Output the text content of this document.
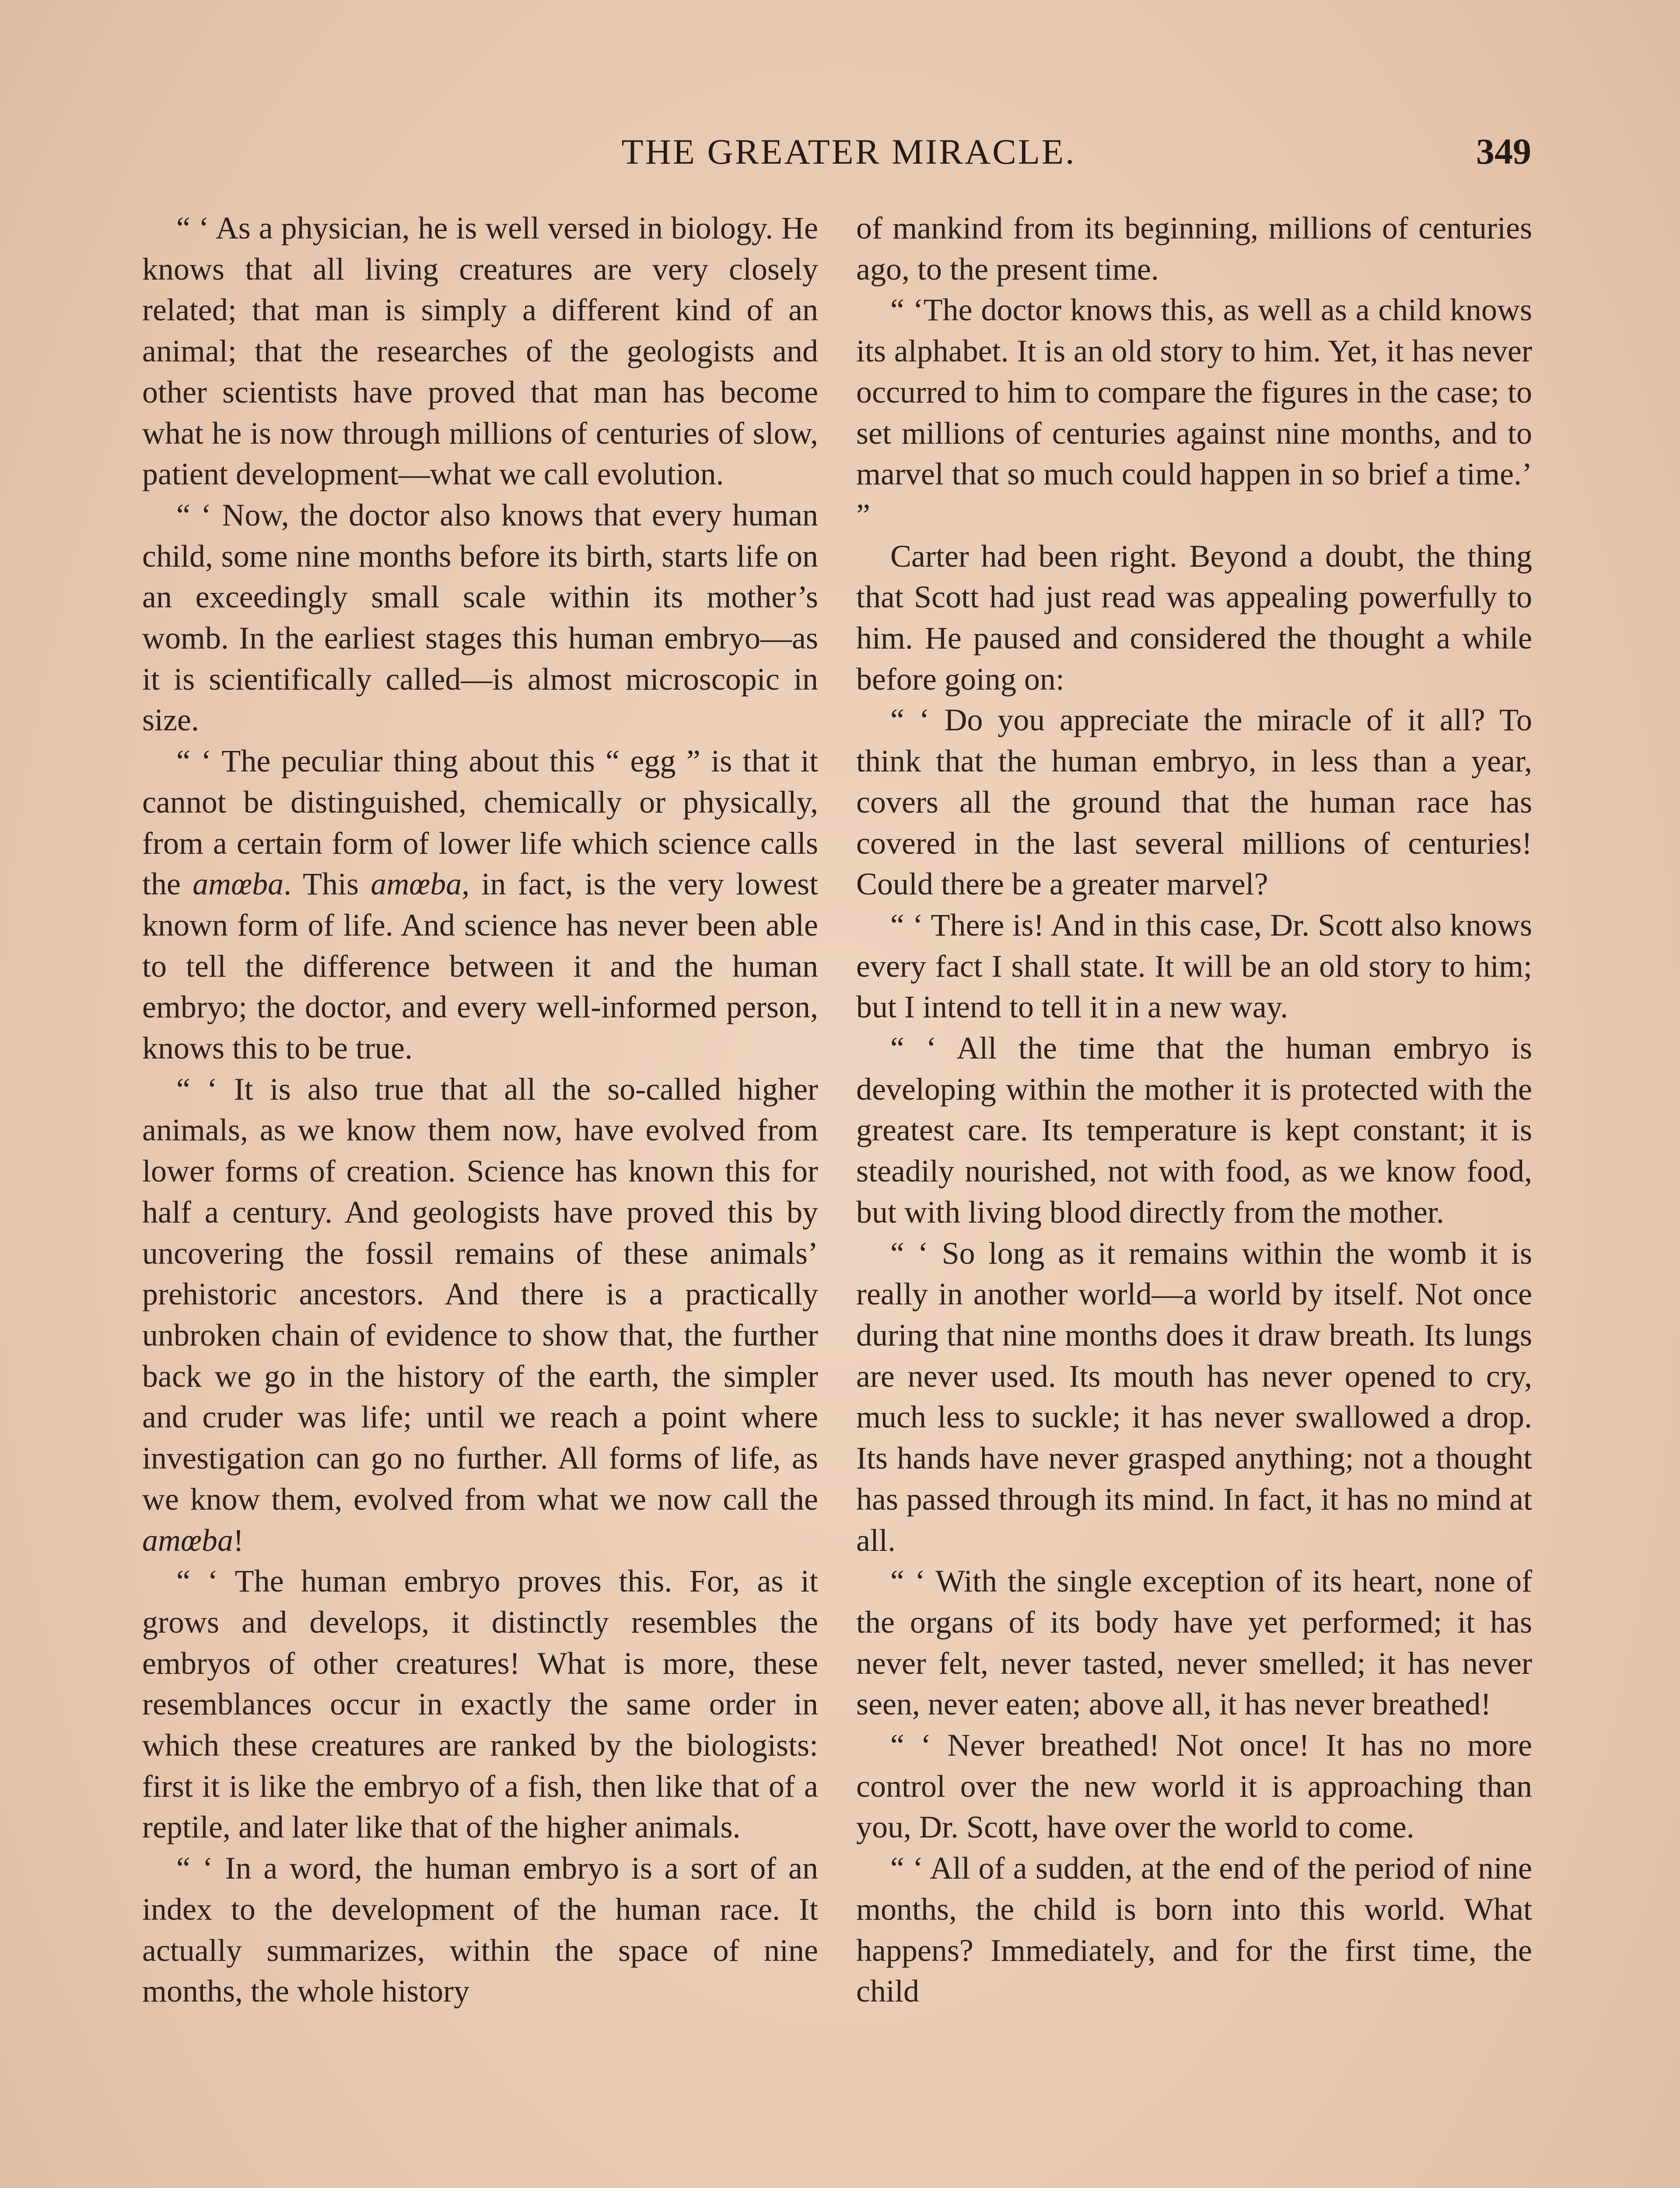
THE GREATER MIRACLE.	349

“ ‘ As a physician, he is well versed in biology. He knows that all living creatures are very closely related; that man is simply a different kind of an animal; that the researches of the geologists and other scientists have proved that man has become what he is now through millions of centuries of slow, patient development—what we call evolution.

“ ‘ Now, the doctor also knows that every human child, some nine months before its birth, starts life on an exceedingly small scale within its mother’s womb. In the earliest stages this human embryo—as it is scientifically called—is almost microscopic in size.

“ ‘ The peculiar thing about this “ egg ” is that it cannot be distinguished, chemically or physically, from a certain form of lower life which science calls the amœba. This amœba, in fact, is the very lowest known form of life. And science has never been able to tell the difference between it and the human embryo; the doctor, and every well-informed person, knows this to be true.

“ ‘ It is also true that all the so-called higher animals, as we know them now, have evolved from lower forms of creation. Science has known this for half a century. And geologists have proved this by uncovering the fossil remains of these animals’ prehistoric ancestors. And there is a practically unbroken chain of evidence to show that, the further back we go in the history of the earth, the simpler and cruder was life; until we reach a point where investigation can go no further. All forms of life, as we know them, evolved from what we now call the amœba!

“ ‘ The human embryo proves this. For, as it grows and develops, it distinctly resembles the embryos of other creatures! What is more, these resemblances occur in exactly the same order in which these creatures are ranked by the biologists: first it is like the embryo of a fish, then like that of a reptile, and later like that of the higher animals.

“ ‘ In a word, the human embryo is a sort of an index to the development of the human race. It actually summarizes, within the space of nine months, the whole history

of mankind from its beginning, millions of centuries ago, to the present time.

“ ‘The doctor knows this, as well as a child knows its alphabet. It is an old story to him. Yet, it has never occurred to him to compare the figures in the case; to set millions of centuries against nine months, and to marvel that so much could happen in so brief a time.’ ”

Carter had been right. Beyond a doubt, the thing that Scott had just read was appealing powerfully to him. He paused and considered the thought a while before going on:

“ ‘ Do you appreciate the miracle of it all? To think that the human embryo, in less than a year, covers all the ground that the human race has covered in the last several millions of centuries! Could there be a greater marvel?

“ ‘ There is! And in this case, Dr. Scott also knows every fact I shall state. It will be an old story to him; but I intend to tell it in a new way.

“ ‘ All the time that the human embryo is developing within the mother it is protected with the greatest care. Its temperature is kept constant; it is steadily nourished, not with food, as we know food, but with living blood directly from the mother.

“ ‘ So long as it remains within the womb it is really in another world—a world by itself. Not once during that nine months does it draw breath. Its lungs are never used. Its mouth has never opened to cry, much less to suckle; it has never swallowed a drop. Its hands have never grasped anything; not a thought has passed through its mind. In fact, it has no mind at all.

“ ‘ With the single exception of its heart, none of the organs of its body have yet performed; it has never felt, never tasted, never smelled; it has never seen, never eaten; above all, it has never breathed!

“ ‘ Never breathed! Not once! It has no more control over the new world it is approaching than you, Dr. Scott, have over the world to come.

“ ‘ All of a sudden, at the end of the period of nine months, the child is born into this world. What happens? Immediately, and for the first time, the child
